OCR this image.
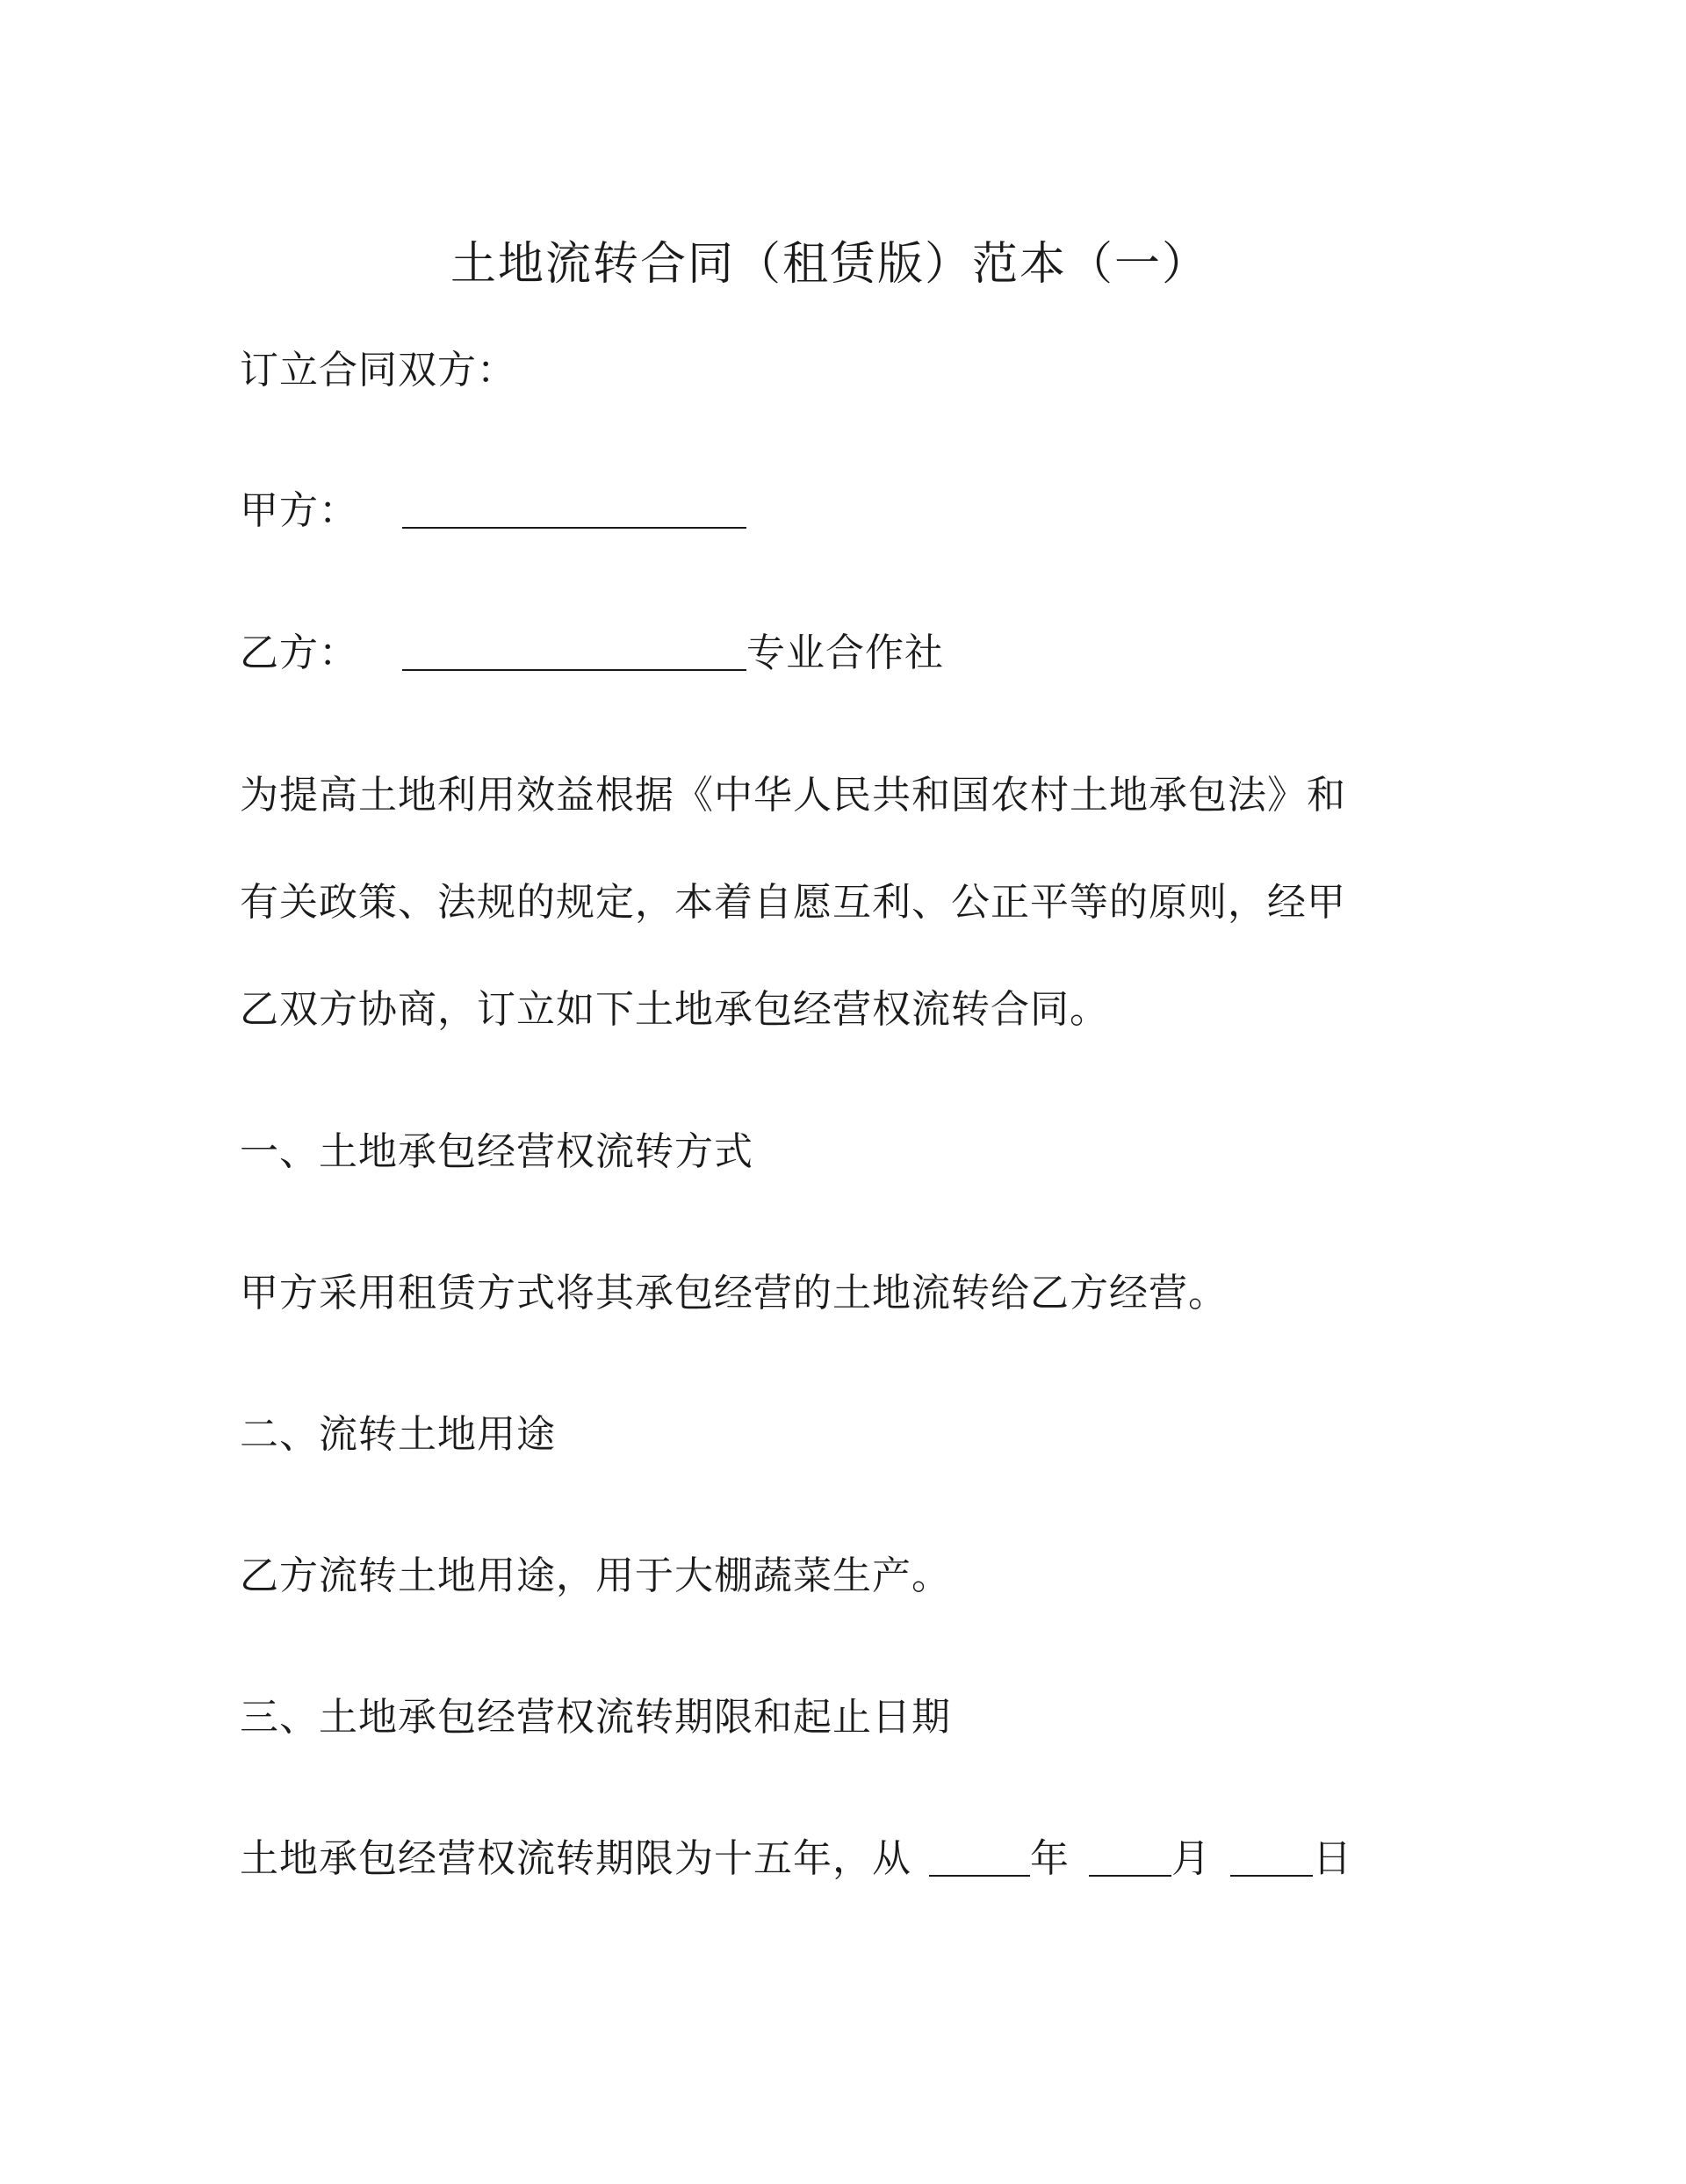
土地流转合同（租赁版）范本（一）
订立合同双方：
甲方：
乙方：	专业合作社
为提高土地利用效益根据《中华人民共和国农村土地承包法》和
有关政策、法规的规定，本着自愿互利、公正平等的原则，经甲
乙双方协商，订立如下土地承包经营权流转合同。
一、土地承包经营权流转方式
甲方采用租赁方式将其承包经营的土地流转给乙方经营。
二、流转土地用途
乙方流转土地用途，用于大棚蔬菜生产。
三、土地承包经营权流转期限和起止日期
土地承包经营权流转期限为十五年，从	年	月	日
